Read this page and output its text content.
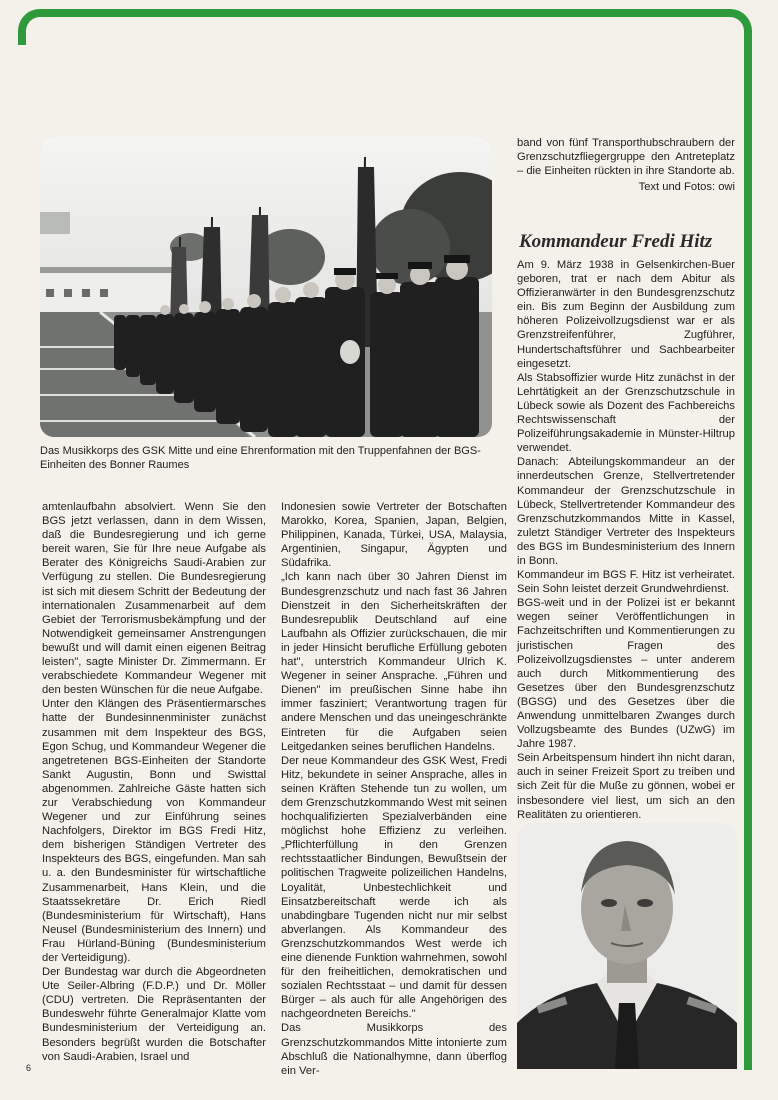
Das Musikkorps des GSK Mitte und eine Ehrenformation mit den Truppenfahnen der BGS-Einheiten des Bonner Raumes

amtenlaufbahn absolviert. Wenn Sie den BGS jetzt verlassen, dann in dem Wissen, daß die Bundesregierung und ich gerne bereit waren, Sie für Ihre neue Aufgabe als Berater des Königreichs Saudi-Arabien zur Verfügung zu stellen. Die Bundesregierung ist sich mit diesem Schritt der Bedeutung der internationalen Zusammenarbeit auf dem Gebiet der Terrorismusbekämpfung und der Notwendigkeit gemeinsamer Anstrengungen bewußt und will damit einen eigenen Beitrag leisten", sagte Minister Dr. Zimmermann. Er verabschiedete Kommandeur Wegener mit den besten Wünschen für die neue Aufgabe.

Unter den Klängen des Präsentiermarsches hatte der Bundesinnenminister zunächst zusammen mit dem Inspekteur des BGS, Egon Schug, und Kommandeur Wegener die angetretenen BGS-Einheiten der Standorte Sankt Augustin, Bonn und Swisttal abgenommen. Zahlreiche Gäste hatten sich zur Verabschiedung von Kommandeur Wegener und zur Einführung seines Nachfolgers, Direktor im BGS Fredi Hitz, dem bisherigen Ständigen Vertreter des Inspekteurs des BGS, eingefunden. Man sah u. a. den Bundesminister für wirtschaftliche Zusammenarbeit, Hans Klein, und die Staatssekretäre Dr. Erich Riedl (Bundesministerium für Wirtschaft), Hans Neusel (Bundesministerium des Innern) und Frau Hürland-Büning (Bundesministerium der Verteidigung).

Der Bundestag war durch die Abgeordneten Ute Seiler-Albring (F.D.P.) und Dr. Möller (CDU) vertreten. Die Repräsentanten der Bundeswehr führte Generalmajor Klatte vom Bundesministerium der Verteidigung an. Besonders begrüßt wurden die Botschafter von Saudi-Arabien, Israel und

Indonesien sowie Vertreter der Botschaften Marokko, Korea, Spanien, Japan, Belgien, Philippinen, Kanada, Türkei, USA, Malaysia, Argentinien, Singapur, Ägypten und Südafrika.

„Ich kann nach über 30 Jahren Dienst im Bundesgrenzschutz und nach fast 36 Jahren Dienstzeit in den Sicherheitskräften der Bundesrepublik Deutschland auf eine Laufbahn als Offizier zurückschauen, die mir in jeder Hinsicht berufliche Erfüllung geboten hat", unterstrich Kommandeur Ulrich K. Wegener in seiner Ansprache. „Führen und Dienen" im preußischen Sinne habe ihn immer fasziniert; Verantwortung tragen für andere Menschen und das uneingeschränkte Eintreten für die Aufgaben seien Leitgedanken seines beruflichen Handelns.

Der neue Kommandeur des GSK West, Fredi Hitz, bekundete in seiner Ansprache, alles in seinen Kräften Stehende tun zu wollen, um dem Grenzschutzkommando West mit seinen hochqualifizierten Spezialverbänden eine möglichst hohe Effizienz zu verleihen. „Pflichterfüllung in den Grenzen rechtsstaatlicher Bindungen, Bewußtsein der politischen Tragweite polizeilichen Handelns, Loyalität, Unbestechlichkeit und Einsatzbereitschaft werde ich als unabdingbare Tugenden nicht nur mir selbst abverlangen. Als Kommandeur des Grenzschutzkommandos West werde ich eine dienende Funktion wahrnehmen, sowohl für den freiheitlichen, demokratischen und sozialen Rechtsstaat – und damit für dessen Bürger – als auch für alle Angehörigen des nachgeordneten Bereichs."

Das Musikkorps des Grenzschutzkommandos Mitte intonierte zum Abschluß die Nationalhymne, dann überflog ein Ver-

band von fünf Transporthubschraubern der Grenzschutzfliegergruppe den Antreteplatz – die Einheiten rückten in ihre Standorte ab.

Text und Fotos: owi

Kommandeur Fredi Hitz

Am 9. März 1938 in Gelsenkirchen-Buer geboren, trat er nach dem Abitur als Offizieranwärter in den Bundesgrenzschutz ein. Bis zum Beginn der Ausbildung zum höheren Polizeivollzugsdienst war er als Grenzstreifenführer, Zugführer, Hundertschaftsführer und Sachbearbeiter eingesetzt.

Als Stabsoffizier wurde Hitz zunächst in der Lehrtätigkeit an der Grenzschutzschule in Lübeck sowie als Dozent des Fachbereichs Rechtswissenschaft der Polizeiführungsakademie in Münster-Hiltrup verwendet.

Danach: Abteilungskommandeur an der innerdeutschen Grenze, Stellvertretender Kommandeur der Grenzschutzschule in Lübeck, Stellvertretender Kommandeur des Grenzschutzkommandos Mitte in Kassel, zuletzt Ständiger Vertreter des Inspekteurs des BGS im Bundesministerium des Innern in Bonn.

Kommandeur im BGS F. Hitz ist verheiratet. Sein Sohn leistet derzeit Grundwehrdienst.

BGS-weit und in der Polizei ist er bekannt wegen seiner Veröffentlichungen in Fachzeitschriften und Kommentierungen zu juristischen Fragen des Polizeivollzugsdienstes – unter anderem auch durch Mitkommentierung des Gesetzes über den Bundesgrenzschutz (BGSG) und des Gesetzes über die Anwendung unmittelbaren Zwanges durch Vollzugsbeamte des Bundes (UZwG) im Jahre 1987.

Sein Arbeitspensum hindert ihn nicht daran, auch in seiner Freizeit Sport zu treiben und sich Zeit für die Muße zu gönnen, wobei er insbesondere viel liest, um sich an den Realitäten zu orientieren.

6
